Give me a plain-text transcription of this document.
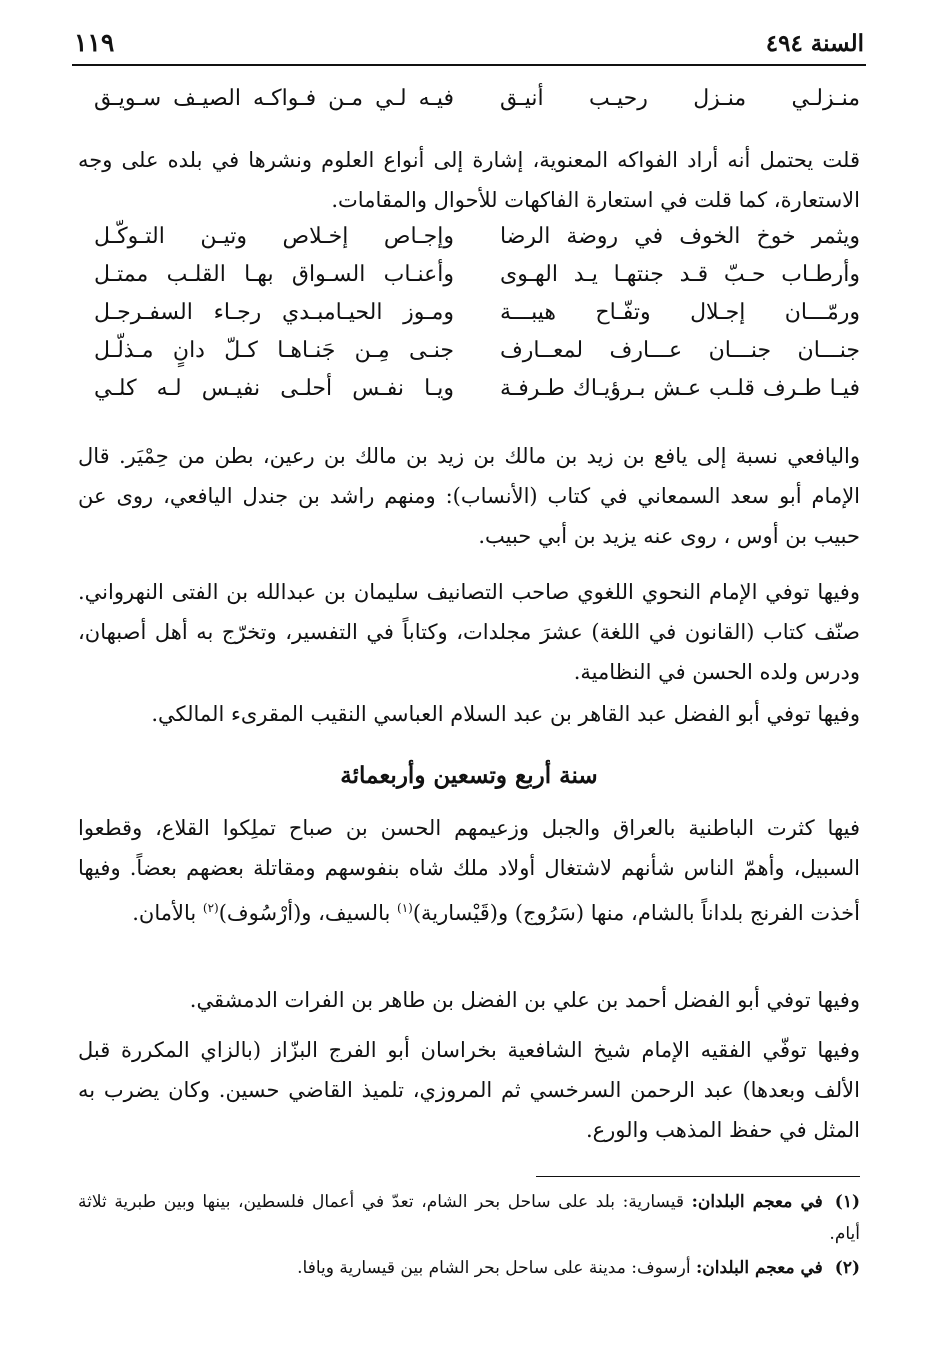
السنة ٤٩٤
١١٩
منـزلـي منـزل رحيـب أنيـق
فيـه لـي مـن فـواكـه الصيـف سـويـق

قلت يحتمل أنه أراد الفواكه المعنوية، إشارة إلى أنواع العلوم ونشرها في بلده على وجه الاستعارة، كما قلت في استعارة الفاكهات للأحوال والمقامات.

ويثمر خوخ الخوف في روضة الرضا
وإجـاص إخـلاص وتيـن التـوكّـل
وأرطـاب حـبّ قـد جنتهـا يـد الهـوى
وأعنـاب السـواق بهـا القلـب ممتـل
ورمّـــان إجـلال وتفّـاح هيبـــة
ومـوز الحيـامبـدي رجـاء السفـرجـل
جنـــان جنـــان عـــارف لمعــارف
جنـى مِـن جَنـاهـا كـلّ دانٍ مـذلّـل
فيـا طـرف قلـب عـش بـرؤيـاك طـرفـة
ويـا نفـس أحلـى نفيـس لـه كلـي

واليافعي نسبة إلى يافع بن زيد بن مالك بن زيد بن مالك بن رعين، بطن من حِمْيَر. قال الإمام أبو سعد السمعاني في كتاب (الأنساب): ومنهم راشد بن جندل اليافعي، روى عن حبيب بن أوس ، روى عنه يزيد بن أبي حبيب.

وفيها توفي الإمام النحوي اللغوي صاحب التصانيف سليمان بن عبدالله بن الفتى النهرواني. صنّف كتاب (القانون في اللغة) عشرَ مجلدات، وكتاباً في التفسير، وتخرّج به أهل أصبهان، ودرس ولده الحسن في النظامية.

وفيها توفي أبو الفضل عبد القاهر بن عبد السلام العباسي النقيب المقرىء المالكي.

سنة أربع وتسعين وأربعمائة

فيها كثرت الباطنية بالعراق والجبل وزعيمهم الحسن بن صباح تملِكوا القلاع، وقطعوا السبيل، وأهمّ الناس شأنهم لاشتغال أولاد ملك شاه بنفوسهم ومقاتلة بعضهم بعضاً. وفيها أخذت الفرنج بلداناً بالشام، منها (سَرُوج) و(قَيْسارية)$^{(١)}$ بالسيف، و(أرْسُوف)$^{(٢)}$ بالأمان.

وفيها توفي أبو الفضل أحمد بن علي بن الفضل بن طاهر بن الفرات الدمشقي.

وفيها توفّي الفقيه الإمام شيخ الشافعية بخراسان أبو الفرج البزّاز (بالزاي المكررة قبل الألف وبعدها) عبد الرحمن السرخسي ثم المروزي، تلميذ القاضي حسين. وكان يضرب به المثل في حفظ المذهب والورع.

(١)في معجم البلدان: قيسارية: بلد على ساحل بحر الشام، تعدّ في أعمال فلسطين، بينها وبين طبرية ثلاثة أيام.
(٢)في معجم البلدان: أرسوف: مدينة على ساحل بحر الشام بين قيسارية ويافا.
